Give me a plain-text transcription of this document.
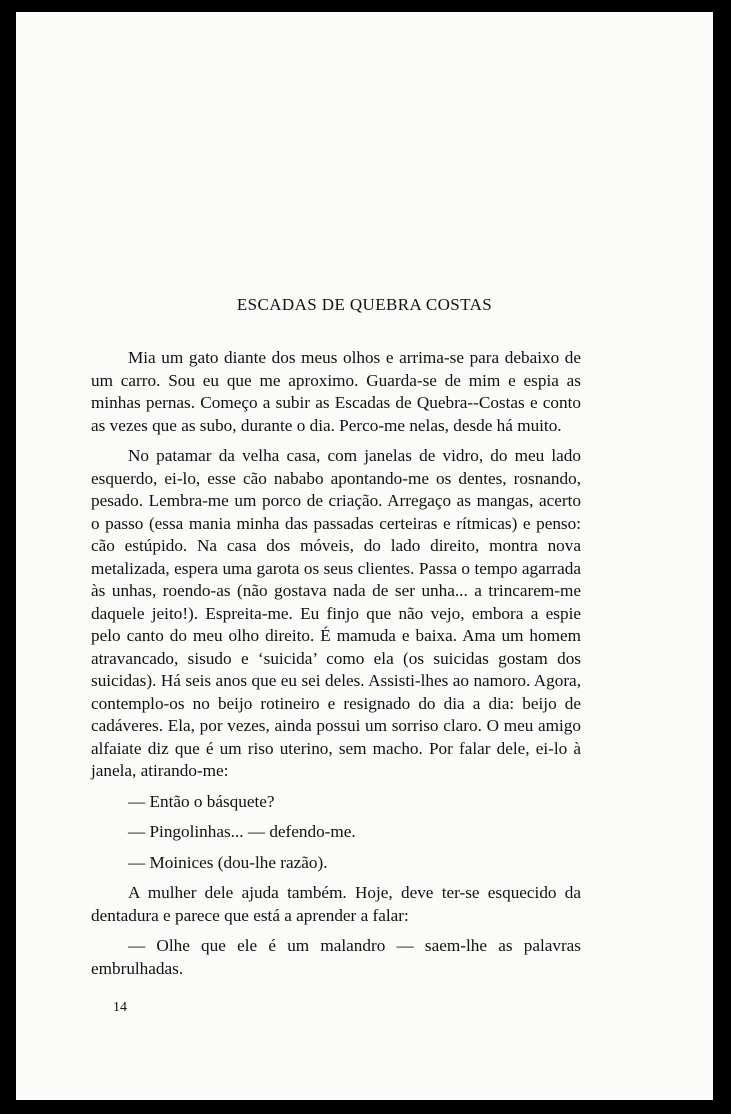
ESCADAS DE QUEBRA COSTAS

Mia um gato diante dos meus olhos e arrima-se para debaixo de um carro. Sou eu que me aproximo. Guarda-se de mim e espia as minhas pernas. Começo a subir as Escadas de Quebra--Costas e conto as vezes que as subo, durante o dia. Perco-me nelas, desde há muito.

No patamar da velha casa, com janelas de vidro, do meu lado esquerdo, ei-lo, esse cão nababo apontando-me os dentes, rosnando, pesado. Lembra-me um porco de criação. Arregaço as mangas, acerto o passo (essa mania minha das passadas certeiras e rítmicas) e penso: cão estúpido. Na casa dos móveis, do lado direito, montra nova metalizada, espera uma garota os seus clientes. Passa o tempo agarrada às unhas, roendo-as (não gostava nada de ser unha... a trincarem-me daquele jeito!). Espreita-me. Eu finjo que não vejo, embora a espie pelo canto do meu olho direito. É mamuda e baixa. Ama um homem atravancado, sisudo e ‘suicida’ como ela (os suicidas gostam dos suicidas). Há seis anos que eu sei deles. Assisti-lhes ao namoro. Agora, contemplo-os no beijo rotineiro e resignado do dia a dia: beijo de cadáveres. Ela, por vezes, ainda possui um sorriso claro. O meu amigo alfaiate diz que é um riso uterino, sem macho. Por falar dele, ei-lo à janela, atirando-me:

— Então o básquete?

— Pingolinhas... — defendo-me.

— Moinices (dou-lhe razão).

A mulher dele ajuda também. Hoje, deve ter-se esquecido da dentadura e parece que está a aprender a falar:

— Olhe que ele é um malandro — saem-lhe as palavras embrulhadas.

14
